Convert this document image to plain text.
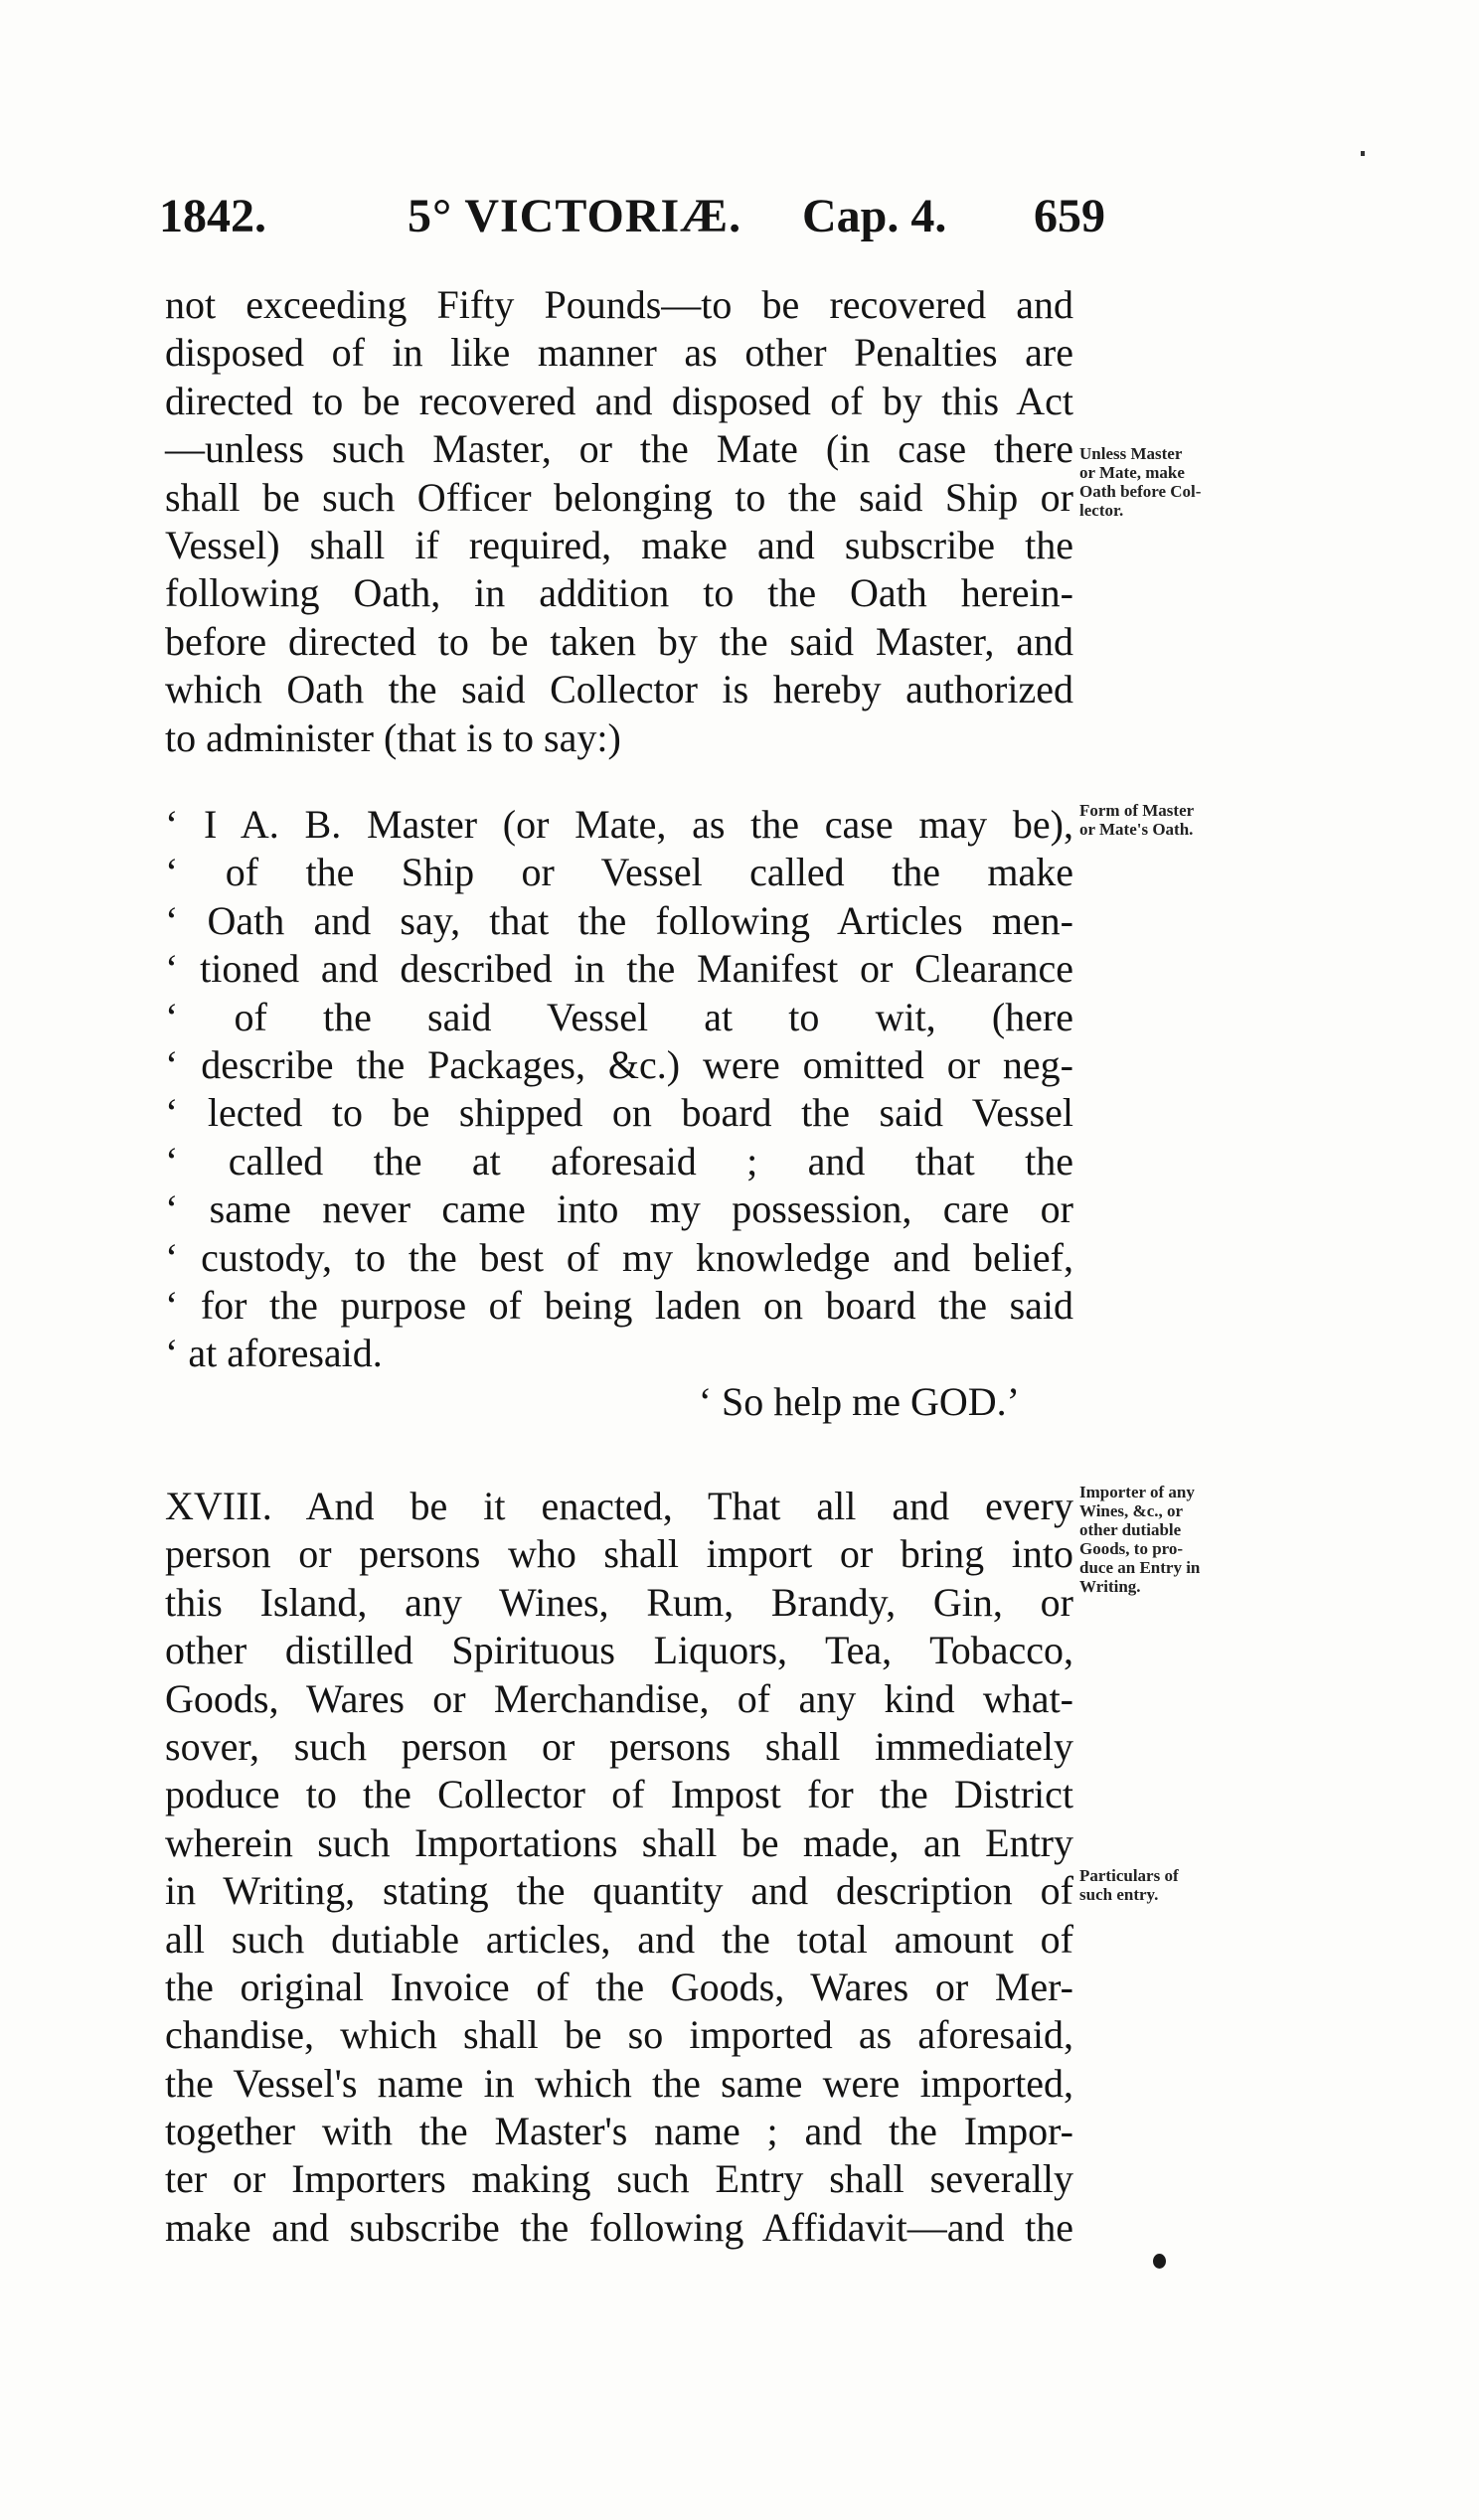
1842.	5° VICTORIÆ. Cap. 4. 659
not exceeding Fifty Pounds—to be recovered and
disposed of in like manner as other Penalties are
directed to be recovered and disposed of by this Act
—unless such Master, or the Mate (in case there
shall be such Officer belonging to the said Ship or
Vessel) shall if required, make and subscribe the
following Oath, in addition to the Oath herein-
before directed to be taken by the said Master, and
which Oath the said Collector is hereby authorized
to administer (that is to say:)
‘ I A. B. Master (or Mate, as the case may be),
‘ of the Ship or Vessel called the make
‘ Oath and say, that the following Articles men-
‘ tioned and described in the Manifest or Clearance
‘ of the said Vessel at to wit, (here
‘ describe the Packages, &c.) were omitted or neg-
‘ lected to be shipped on board the said Vessel
‘ called the at aforesaid ; and that the
‘ same never came into my possession, care or
‘ custody, to the best of my knowledge and belief,
‘ for the purpose of being laden on board the said
‘ at aforesaid.
‘ So help me GOD.’
XVIII. And be it enacted, That all and every
person or persons who shall import or bring into
this Island, any Wines, Rum, Brandy, Gin, or
other distilled Spirituous Liquors, Tea, Tobacco,
Goods, Wares or Merchandise, of any kind what-
sover, such person or persons shall immediately
poduce to the Collector of Impost for the District
wherein such Importations shall be made, an Entry
in Writing, stating the quantity and description of
all such dutiable articles, and the total amount of
the original Invoice of the Goods, Wares or Mer-
chandise, which shall be so imported as aforesaid,
the Vessel's name in which the same were imported,
together with the Master's name ; and the Impor-
ter or Importers making such Entry shall severally
make and subscribe the following Affidavit—and the
Unless Master
or Mate, make
Oath before Col-
lector.
Form of Master
or Mate's Oath.
Importer of any
Wines, &c., or
other dutiable
Goods, to pro-
duce an Entry in
Writing.
Particulars of
such entry.
